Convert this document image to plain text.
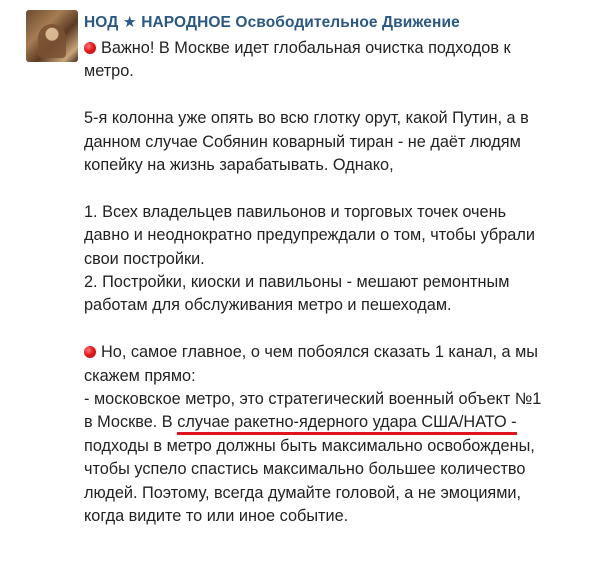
НОД ★ НАРОДНОЕ Освободительное Движение

Важно! В Москве идет глобальная очистка подходов к

метро.

5-я колонна уже опять во всю глотку орут, какой Путин, а в

данном случае Собянин коварный тиран - не даёт людям

копейку на жизнь зарабатывать. Однако,

1. Всех владельцев павильонов и торговых точек очень

давно и неоднократно предупреждали о том, чтобы убрали

свои постройки.

2. Постройки, киоски и павильоны - мешают ремонтным

работам для обслуживания метро и пешеходам.

Но, самое главное, о чем побоялся сказать 1 канал, а мы

скажем прямо:

- московское метро, это стратегический военный объект №1

в Москве. В случае ракетно-ядерного удара США/НАТО -

подходы в метро должны быть максимально освобождены,

чтобы успело спастись максимально большее количество

людей. Поэтому, всегда думайте головой, а не эмоциями,

когда видите то или иное событие.
